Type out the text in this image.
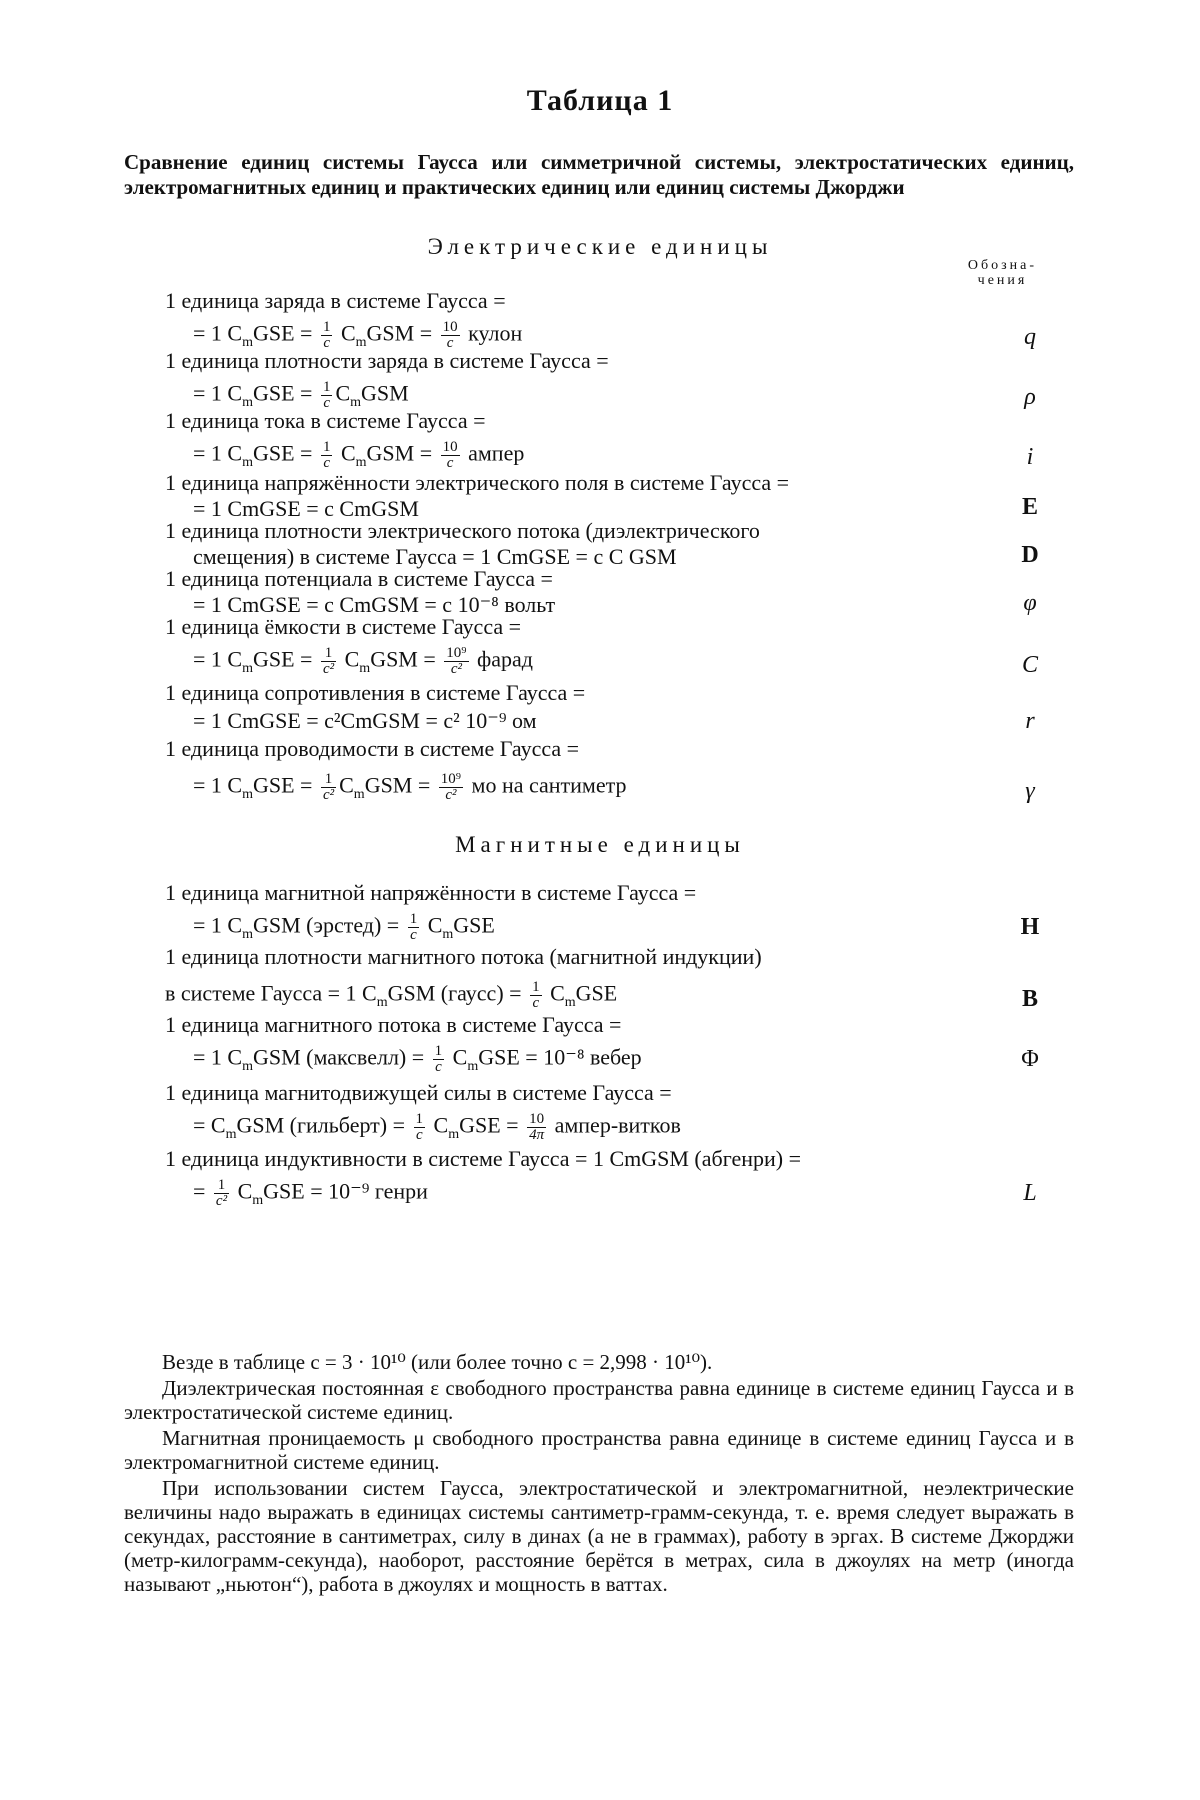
Таблица 1
Сравнение единиц системы Гаусса или симметричной системы, электростатических единиц, электромагнитных единиц и практических единиц или единиц системы Джорджи
Электрические единицы
Обозна-
чения
1 единица заряда в системе Гаусса =
= 1 CmGSE = 1
c CmGSM = 10
c кулон	q
1 единица плотности заряда в системе Гаусса =
= 1 CmGSE = 1
c CmGSM	ρ
1 единица тока в системе Гаусса =
= 1 CmGSE = 1
c CmGSM = 10
c ампер	i
1 единица напряжённости электрического поля в системе Гаусса =
= 1 CmGSE = c CmGSM	E
1 единица плотности электрического потока (диэлектрического
смещения) в системе Гаусса = 1 CmGSE = c C GSM	D
1 единица потенциала в системе Гаусса =
= 1 CmGSE = c CmGSM = c 10⁻⁸ вольт	φ
1 единица ёмкости в системе Гаусса =
= 1 CmGSE = 1
c² CmGSM = 10⁹
c² фарад	C
1 единица сопротивления в системе Гаусса =
= 1 CmGSE = c²CmGSM = c² 10⁻⁹ ом	r
1 единица проводимости в системе Гаусса =
= 1 CmGSE = 1
c² CmGSM = 10⁹
c² мо на сантиметр	γ
Магнитные единицы
1 единица магнитной напряжённости в системе Гаусса =
= 1 CmGSM (эрстед) = 1
c CmGSE	H
1 единица плотности магнитного потока (магнитной индукции)
в системе Гаусса = 1 CmGSM (гаусс) = 1
c CmGSE	B
1 единица магнитного потока в системе Гаусса =
= 1 CmGSM (максвелл) = 1
c CmGSE = 10⁻⁸ вебер	Φ
1 единица магнитодвижущей силы в системе Гаусса =
= CmGSM (гильберт) = 1
c CmGSE = 10
4π ампер-витков
1 единица индуктивности в системе Гаусса = 1 CmGSM (абгенри) =
= 1
c² CmGSE = 10⁻⁹ генри	L

Везде в таблице c = 3 · 10¹⁰ (или более точно c = 2,998 · 10¹⁰).

Диэлектрическая постоянная ε свободного пространства равна единице в системе единиц Гаусса и в электростатической системе единиц.

Магнитная проницаемость μ свободного пространства равна единице в системе единиц Гаусса и в электромагнитной системе единиц.

При использовании систем Гаусса, электростатической и электромагнитной, неэлектрические величины надо выражать в единицах системы сантиметр-грамм-секунда, т. е. время следует выражать в секундах, расстояние в сантиметрах, силу в динах (а не в граммах), работу в эргах. В системе Джорджи (метр-килограмм-секунда), наоборот, расстояние берётся в метрах, сила в джоулях на метр (иногда называют „ньютон“), работа в джоулях и мощность в ваттах.
